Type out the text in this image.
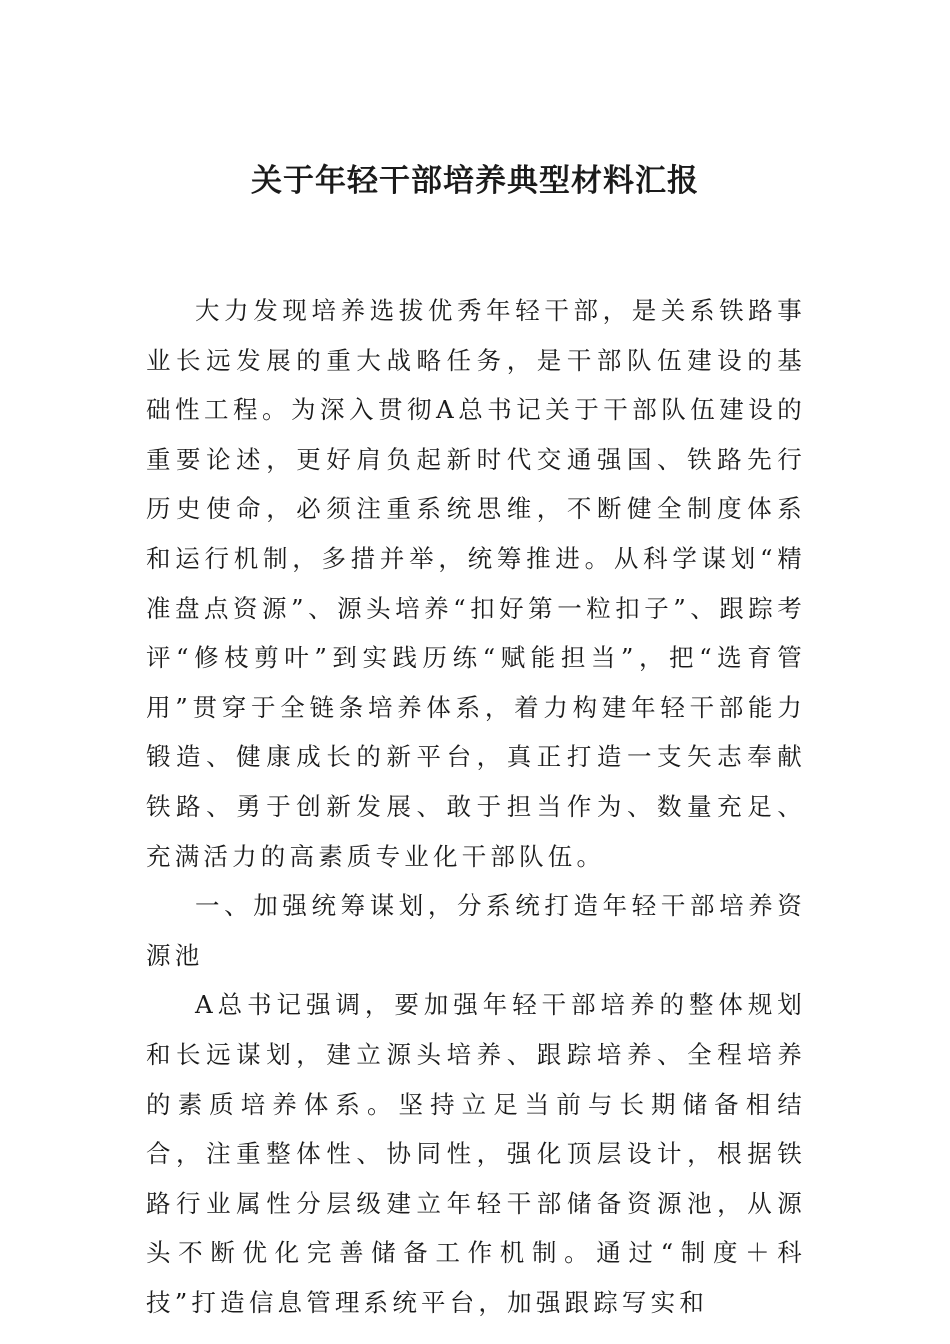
关于年轻干部培养典型材料汇报

大力发现培养选拔优秀年轻干部，是关系铁路事业长远发展的重大战略任务，是干部队伍建设的基础性工程。为深入贯彻A总书记关于干部队伍建设的重要论述，更好肩负起新时代交通强国、铁路先行历史使命，必须注重系统思维，不断健全制度体系和运行机制，多措并举，统筹推进。从科学谋划“精准盘点资源”、源头培养“扣好第一粒扣子”、跟踪考评“修枝剪叶”到实践历练“赋能担当”，把“选育管用”贯穿于全链条培养体系，着力构建年轻干部能力锻造、健康成长的新平台，真正打造一支矢志奉献铁路、勇于创新发展、敢于担当作为、数量充足、充满活力的高素质专业化干部队伍。

一、加强统筹谋划，分系统打造年轻干部培养资源池

A总书记强调，要加强年轻干部培养的整体规划和长远谋划，建立源头培养、跟踪培养、全程培养的素质培养体系。坚持立足当前与长期储备相结合，注重整体性、协同性，强化顶层设计，根据铁路行业属性分层级建立年轻干部储备资源池，从源头不断优化完善储备工作机制。通过“制度＋科技”打造信息管理系统平台，加强跟踪写实和
